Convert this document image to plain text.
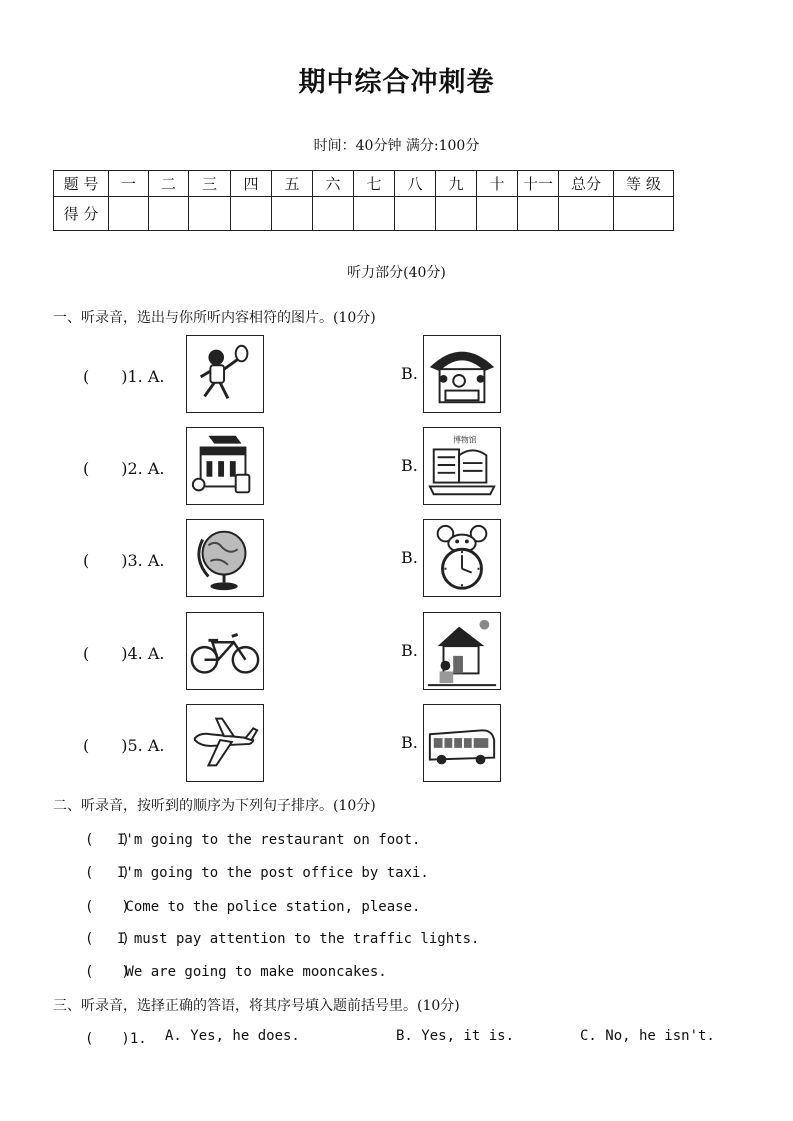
期中综合冲刺卷
时间：40分钟 满分:100分
题 号	一	二	三	四	五	六	七	八	九	十	十一	总分	等 级
得 分													
听力部分(40分)
一、听录音，选出与你所听内容相符的图片。(10分)
(　　)1. A.	B.
(　　)2. A.	B.
博物馆
(　　)3. A.	B.
(　　)4. A.	B.
(　　)5. A.	B.
二、听录音，按听到的顺序为下列句子排序。(10分)
(　　)I'm going to the restaurant on foot.
(　　)I'm going to the post office by taxi.
(　　) Come to the police station, please.
(　　)I must pay attention to the traffic lights.
(　　) We are going to make mooncakes.
三、听录音，选择正确的答语，将其序号填入题前括号里。(10分)
(　　)1. A. Yes, he does.	B. Yes, it is.	C. No, he isn't.
